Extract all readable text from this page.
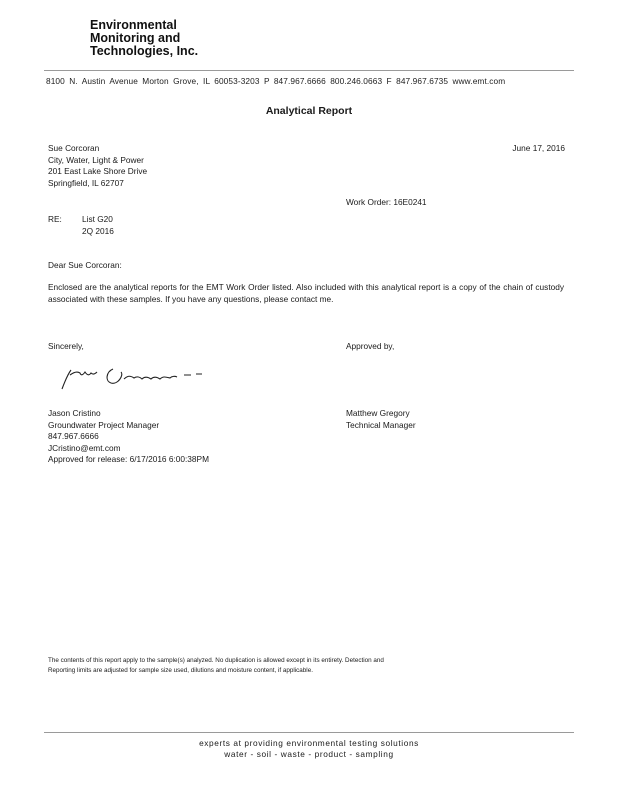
Environmental
Monitoring and
Technologies, Inc.
8100 N. Austin Avenue Morton Grove, IL 60053-3203 P 847.967.6666 800.246.0663 F 847.967.6735 www.emt.com
Analytical Report
Sue Corcoran
City, Water, Light & Power
201 East Lake Shore Drive
Springfield, IL 62707
June 17, 2016
Work Order: 16E0241
RE: List G20
2Q 2016
Dear Sue Corcoran:
Enclosed are the analytical reports for the EMT Work Order listed. Also included with this analytical report is a copy of the chain of custody associated with these samples. If you have any questions, please contact me.
Sincerely,	Approved by,
Jason Cristino
Groundwater Project Manager
847.967.6666
JCristino@emt.com
Approved for release: 6/17/2016 6:00:38PM
Matthew Gregory
Technical Manager
The contents of this report apply to the sample(s) analyzed. No duplication is allowed except in its entirety. Detection and
Reporting limits are adjusted for sample size used, dilutions and moisture content, if applicable.
experts at providing environmental testing solutions
water - soil - waste - product - sampling
